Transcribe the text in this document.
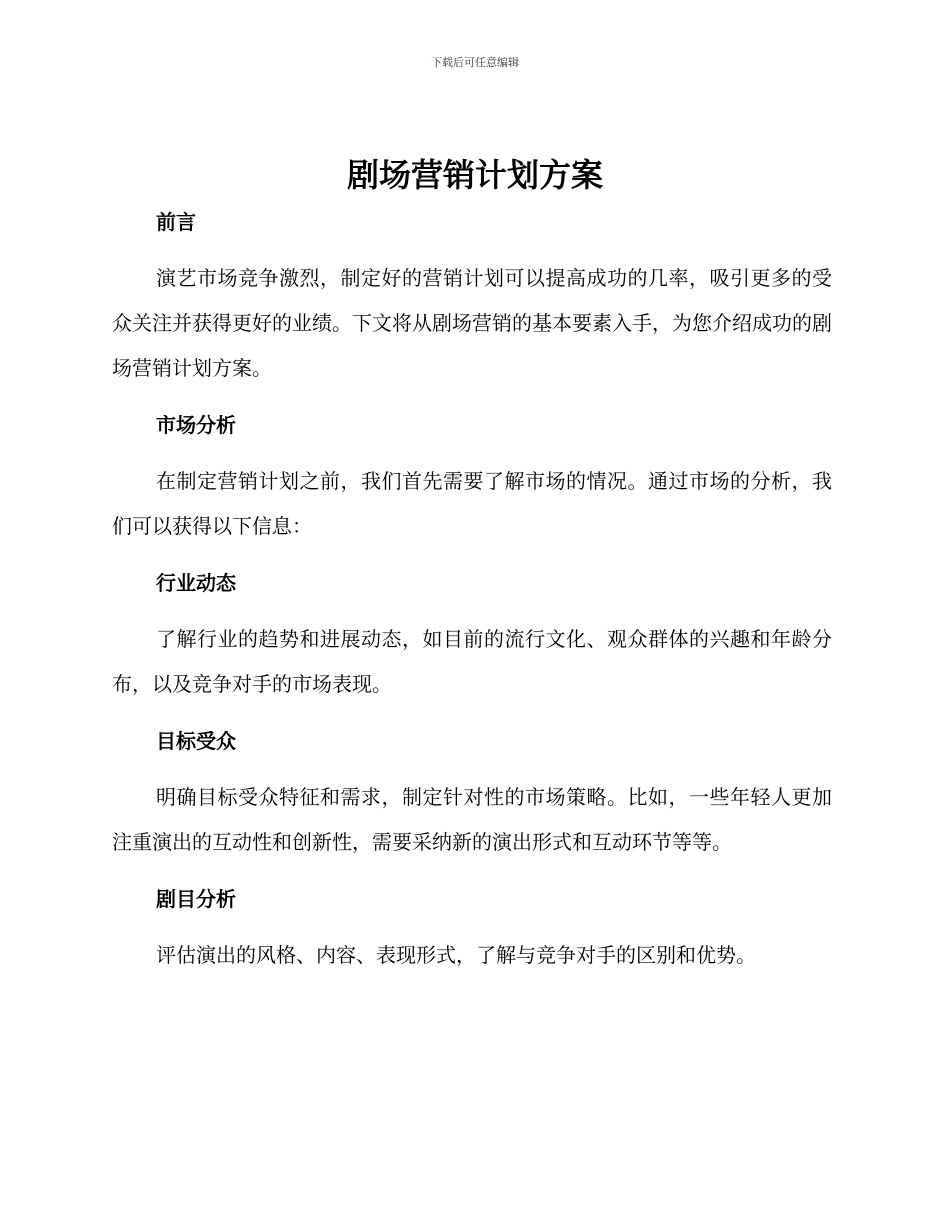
下载后可任意编辑
剧场营销计划方案
前言
演艺市场竞争激烈，制定好的营销计划可以提高成功的几率，吸引更多的受众关注并获得更好的业绩。下文将从剧场营销的基本要素入手，为您介绍成功的剧场营销计划方案。
市场分析
在制定营销计划之前，我们首先需要了解市场的情况。通过市场的分析，我们可以获得以下信息：
行业动态
了解行业的趋势和进展动态，如目前的流行文化、观众群体的兴趣和年龄分布，以及竞争对手的市场表现。
目标受众
明确目标受众特征和需求，制定针对性的市场策略。比如，一些年轻人更加注重演出的互动性和创新性，需要采纳新的演出形式和互动环节等等。
剧目分析
评估演出的风格、内容、表现形式，了解与竞争对手的区别和优势。
